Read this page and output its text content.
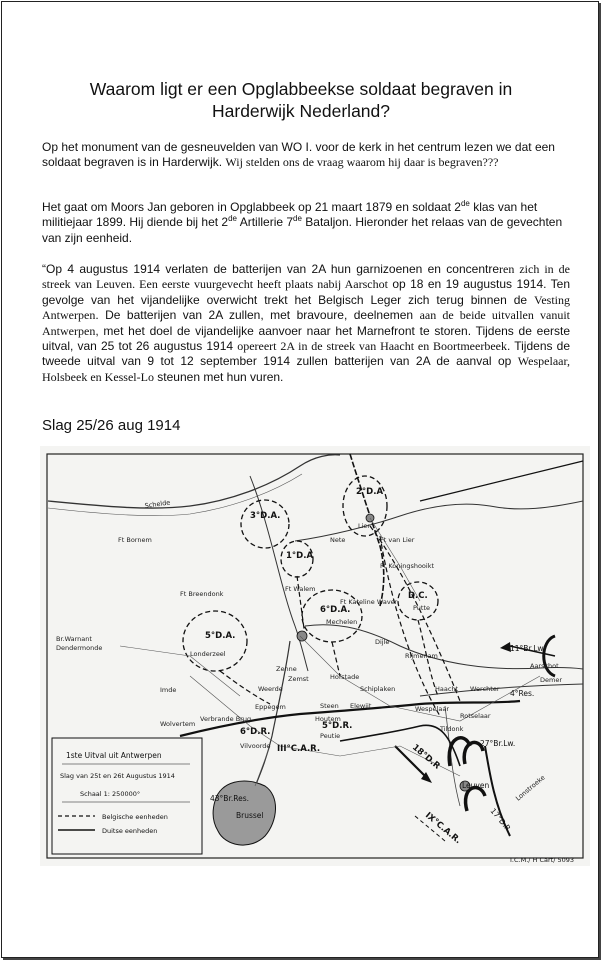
Waarom ligt er een Opglabbeekse soldaat begraven in
Harderwijk Nederland?

Op het monument van de gesneuvelden van WO I. voor de kerk in het centrum lezen we dat een soldaat begraven is in Harderwijk. Wij stelden ons de vraag waarom hij daar is begraven???

Het gaat om Moors Jan geboren in Opglabbeek op 21 maart 1879 en soldaat 2de klas van het militiejaar 1899. Hij diende bij het 2de Artillerie 7de Bataljon. Hieronder het relaas van de gevechten van zijn eenheid.

“Op 4 augustus 1914 verlaten de batterijen van 2A hun garnizoenen en concentreren zich in de streek van Leuven. Een eerste vuurgevecht heeft plaats nabij Aarschot op 18 en 19 augustus 1914. Ten gevolge van het vijandelijke overwicht trekt het Belgisch Leger zich terug binnen de Vesting Antwerpen. De batterijen van 2A zullen, met bravoure, deelnemen aan de beide uitvallen vanuit Antwerpen, met het doel de vijandelijke aanvoer naar het Marnefront te storen. Tijdens de eerste uitval, van 25 tot 26 augustus 1914 opereert 2A in de streek van Haacht en Boortmeerbeek. Tijdens de tweede uitval van 9 tot 12 september 1914 zullen batterijen van 2A de aanval op Wespelaar, Holsbeek en Kessel-Lo steunen met hun vuren.

Slag 25/26 aug 1914
2°D.A
3°D.A.
1°D.A
6°D.A.
D.C.
5°D.A.
6°D.R.
5°D.R.
III°C.A.R.	18°D.R
IX°C.A.R.	17°D.R.
4°Res.
11°Br.Lw.
27°Br.Lw.
43°Br.Res.
Schelde
Lier
Nete	Ft van Lier
Ft Koningshooikt
Ft Bornem
Ft Breendonk
Ft Walem
Ft Kateline Waver
Putte
Mechelen
Br.Warnant
Dendermonde
Londerzeel
Dijle
Rijmenam
Zenne
Hofstade
Schiplaken	Haacht Werchter
Aarschot
Imde	Weerde
Zemst
Eppegem	Wespelaar
Rotselaar
Wolvertem
Verbrande Brug
Vilvoorde
Houtem
Steen Elewijt
Peutie
Leuven
Brussel
Demer
Tildonk
Lonstroeke
1ste Uitval uit Antwerpen
Slag van 25t en 26t Augustus 1914
Schaal 1: 250000°
Belgische eenheden
Duitse eenheden
I.C.M./ H Cart/ 5093
